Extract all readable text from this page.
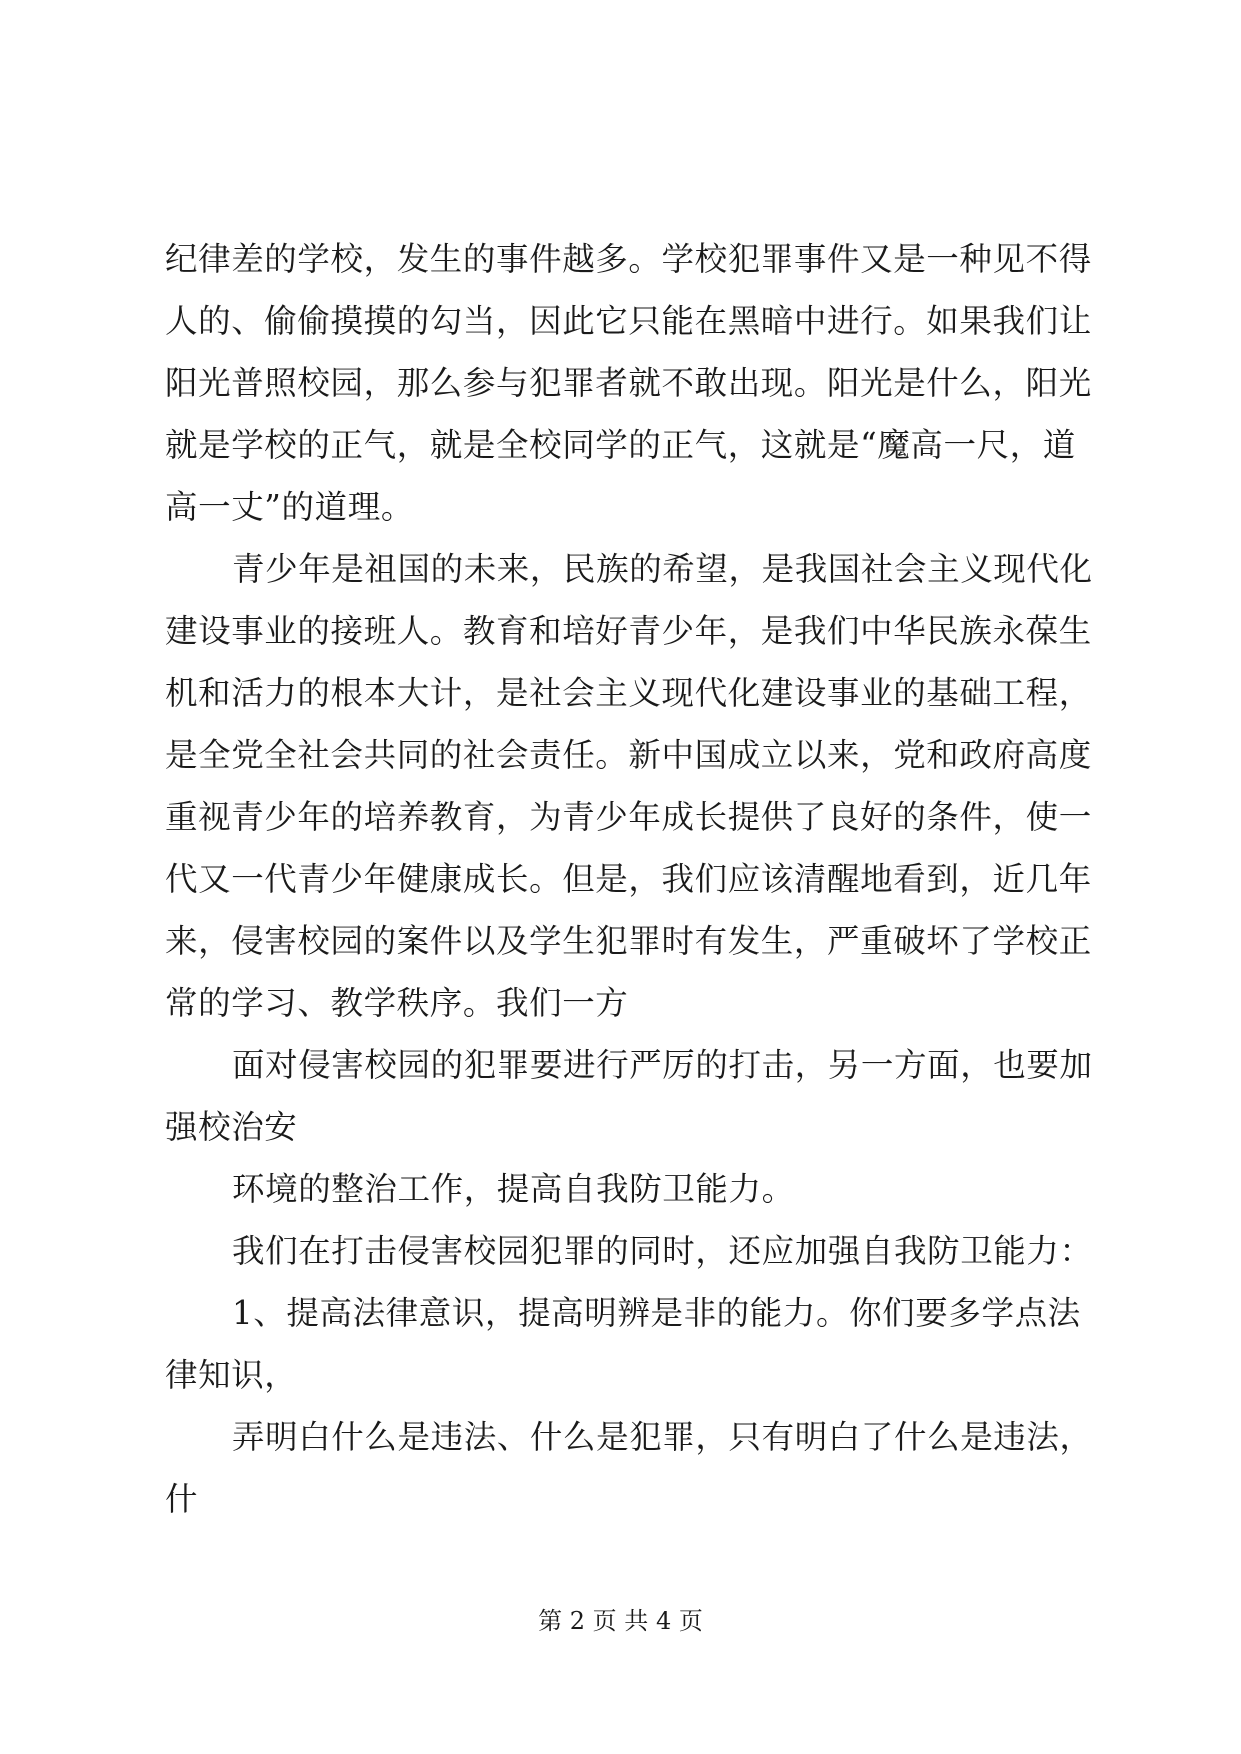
纪律差的学校，发生的事件越多。学校犯罪事件又是一种见不得
人的、偷偷摸摸的勾当，因此它只能在黑暗中进行。如果我们让
阳光普照校园，那么参与犯罪者就不敢出现。阳光是什么，阳光
就是学校的正气，就是全校同学的正气，这就是“魔高一尺，道
高一丈”的道理。
青少年是祖国的未来，民族的希望，是我国社会主义现代化
建设事业的接班人。教育和培好青少年，是我们中华民族永葆生
机和活力的根本大计，是社会主义现代化建设事业的基础工程，
是全党全社会共同的社会责任。新中国成立以来，党和政府高度
重视青少年的培养教育，为青少年成长提供了良好的条件，使一
代又一代青少年健康成长。但是，我们应该清醒地看到，近几年
来，侵害校园的案件以及学生犯罪时有发生，严重破坏了学校正
常的学习、教学秩序。我们一方
面对侵害校园的犯罪要进行严厉的打击，另一方面，也要加
强校治安
环境的整治工作，提高自我防卫能力。
我们在打击侵害校园犯罪的同时，还应加强自我防卫能力：
1、提高法律意识，提高明辨是非的能力。你们要多学点法
律知识，
弄明白什么是违法、什么是犯罪，只有明白了什么是违法，
什
第 2 页 共 4 页
